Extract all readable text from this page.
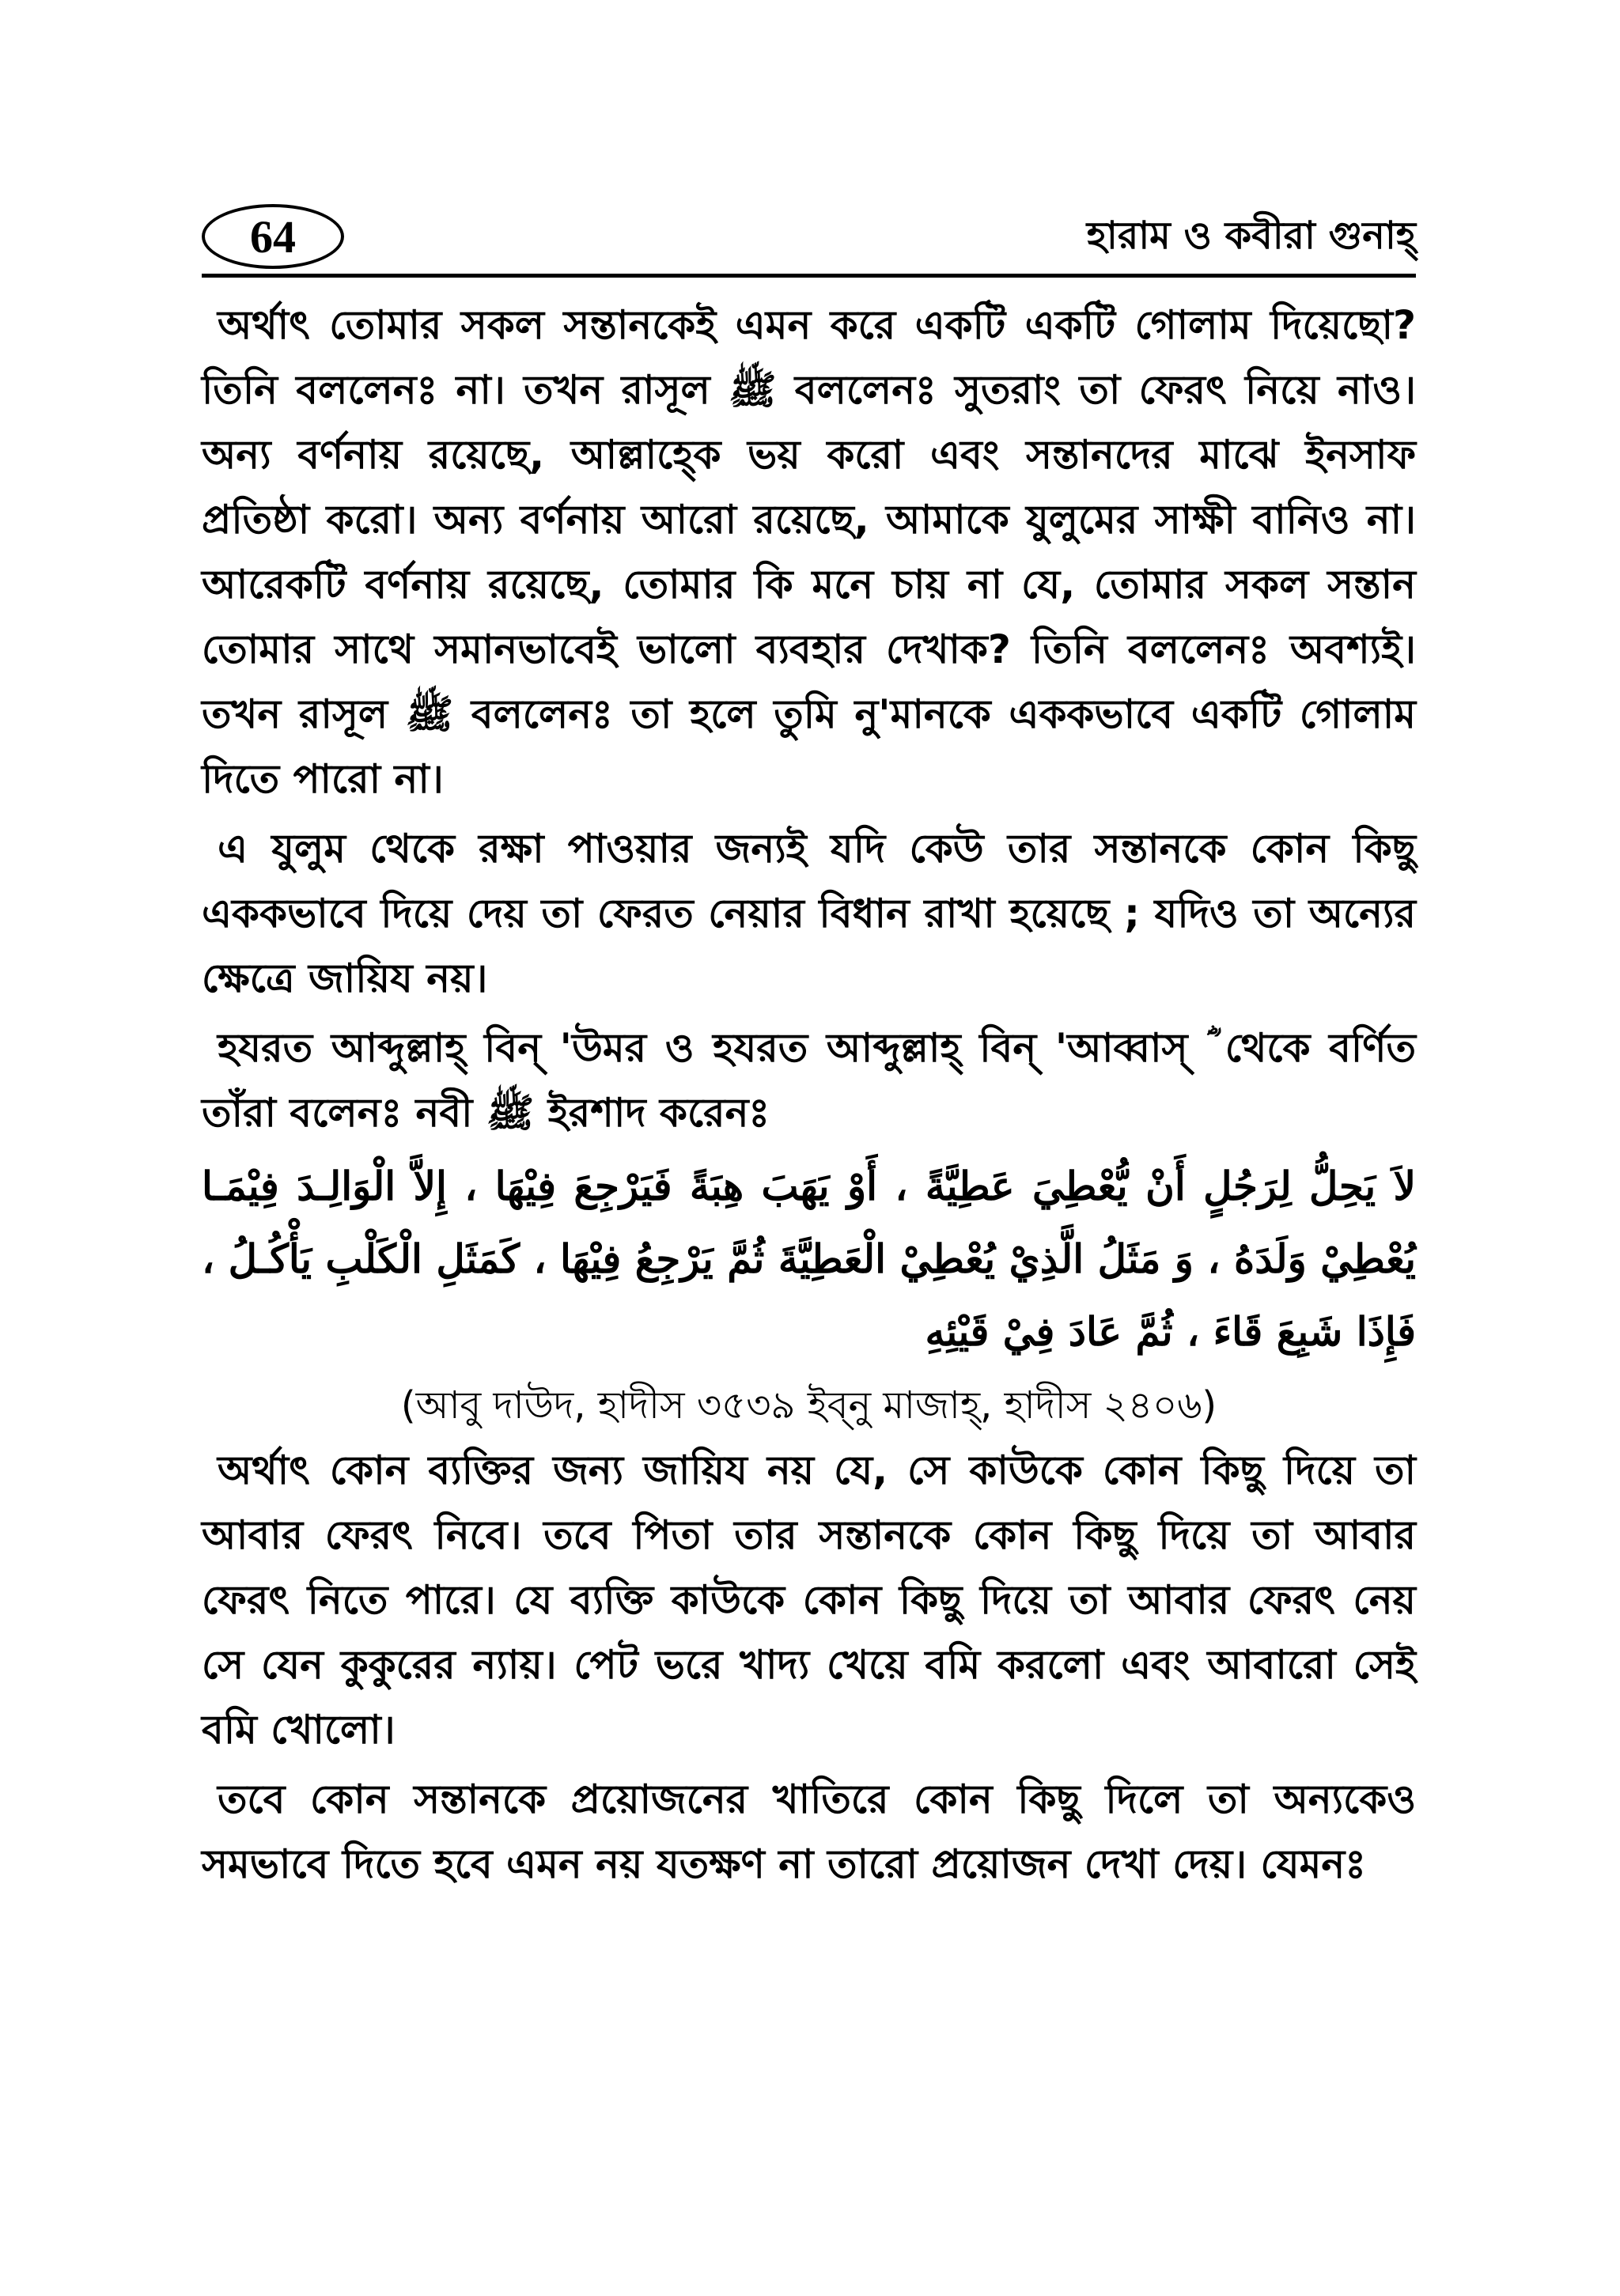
64	হারাম ও কবীরা গুনাহ্

অর্থাৎ তোমার সকল সন্তানকেই এমন করে একটি একটি গোলাম দিয়েছো? তিনি বললেনঃ না। তখন রাসূল ﷺ বললেনঃ সুতরাং তা ফেরৎ নিয়ে নাও। অন্য বর্ণনায় রয়েছে, আল্লাহ্কে ভয় করো এবং সন্তানদের মাঝে ইনসাফ প্রতিষ্ঠা করো। অন্য বর্ণনায় আরো রয়েছে, আমাকে যুলুমের সাক্ষী বানিও না। আরেকটি বর্ণনায় রয়েছে, তোমার কি মনে চায় না যে, তোমার সকল সন্তান তোমার সাথে সমানভাবেই ভালো ব্যবহার দেখাক? তিনি বললেনঃ অবশ্যই। তখন রাসূল ﷺ বললেনঃ তা হলে তুমি নু'মানকে এককভাবে একটি গোলাম দিতে পারো না।

এ যুলুম থেকে রক্ষা পাওয়ার জন্যই যদি কেউ তার সন্তানকে কোন কিছু এককভাবে দিয়ে দেয় তা ফেরত নেয়ার বিধান রাখা হয়েছে ; যদিও তা অন্যের ক্ষেত্রে জায়িয নয়।

হযরত আব্দুল্লাহ্ বিন্ 'উমর ও হযরত আব্দুল্লাহ্ বিন্ 'আব্বাস্ ؓ থেকে বর্ণিত তাঁরা বলেনঃ নবী ﷺ ইরশাদ করেনঃ

لاَ يَحِلُّ لِرَجُلٍ أَنْ يُّعْطِيَ عَطِيَّةً ، أَوْ يَهَبَ هِبَةً فَيَرْجِعَ فِيْهَا ، إِلاَّ الْوَالِـدَ فِيْمَـا يُعْطِيْ وَلَدَهُ ، وَ مَثَلُ الَّذِيْ يُعْطِيْ الْعَطِيَّةَ ثُمَّ يَرْجِعُ فِيْهَا ، كَمَثَلِ الْكَلْبِ يَأْكُـلُ ، فَإِذَا شَبِعَ قَاءَ ، ثُمَّ عَادَ فِيْ قَيْئِهِ

(আবু দাউদ, হাদীস ৩৫৩৯ ইব্নু মাজাহ্, হাদীস ২৪০৬)

অর্থাৎ কোন ব্যক্তির জন্য জায়িয নয় যে, সে কাউকে কোন কিছু দিয়ে তা আবার ফেরৎ নিবে। তবে পিতা তার সন্তানকে কোন কিছু দিয়ে তা আবার ফেরৎ নিতে পারে। যে ব্যক্তি কাউকে কোন কিছু দিয়ে তা আবার ফেরৎ নেয় সে যেন কুকুরের ন্যায়। পেট ভরে খাদ্য খেয়ে বমি করলো এবং আবারো সেই বমি খোলো।

তবে কোন সন্তানকে প্রয়োজনের খাতিরে কোন কিছু দিলে তা অন্যকেও সমভাবে দিতে হবে এমন নয় যতক্ষণ না তারো প্রয়োজন দেখা দেয়। যেমনঃ
